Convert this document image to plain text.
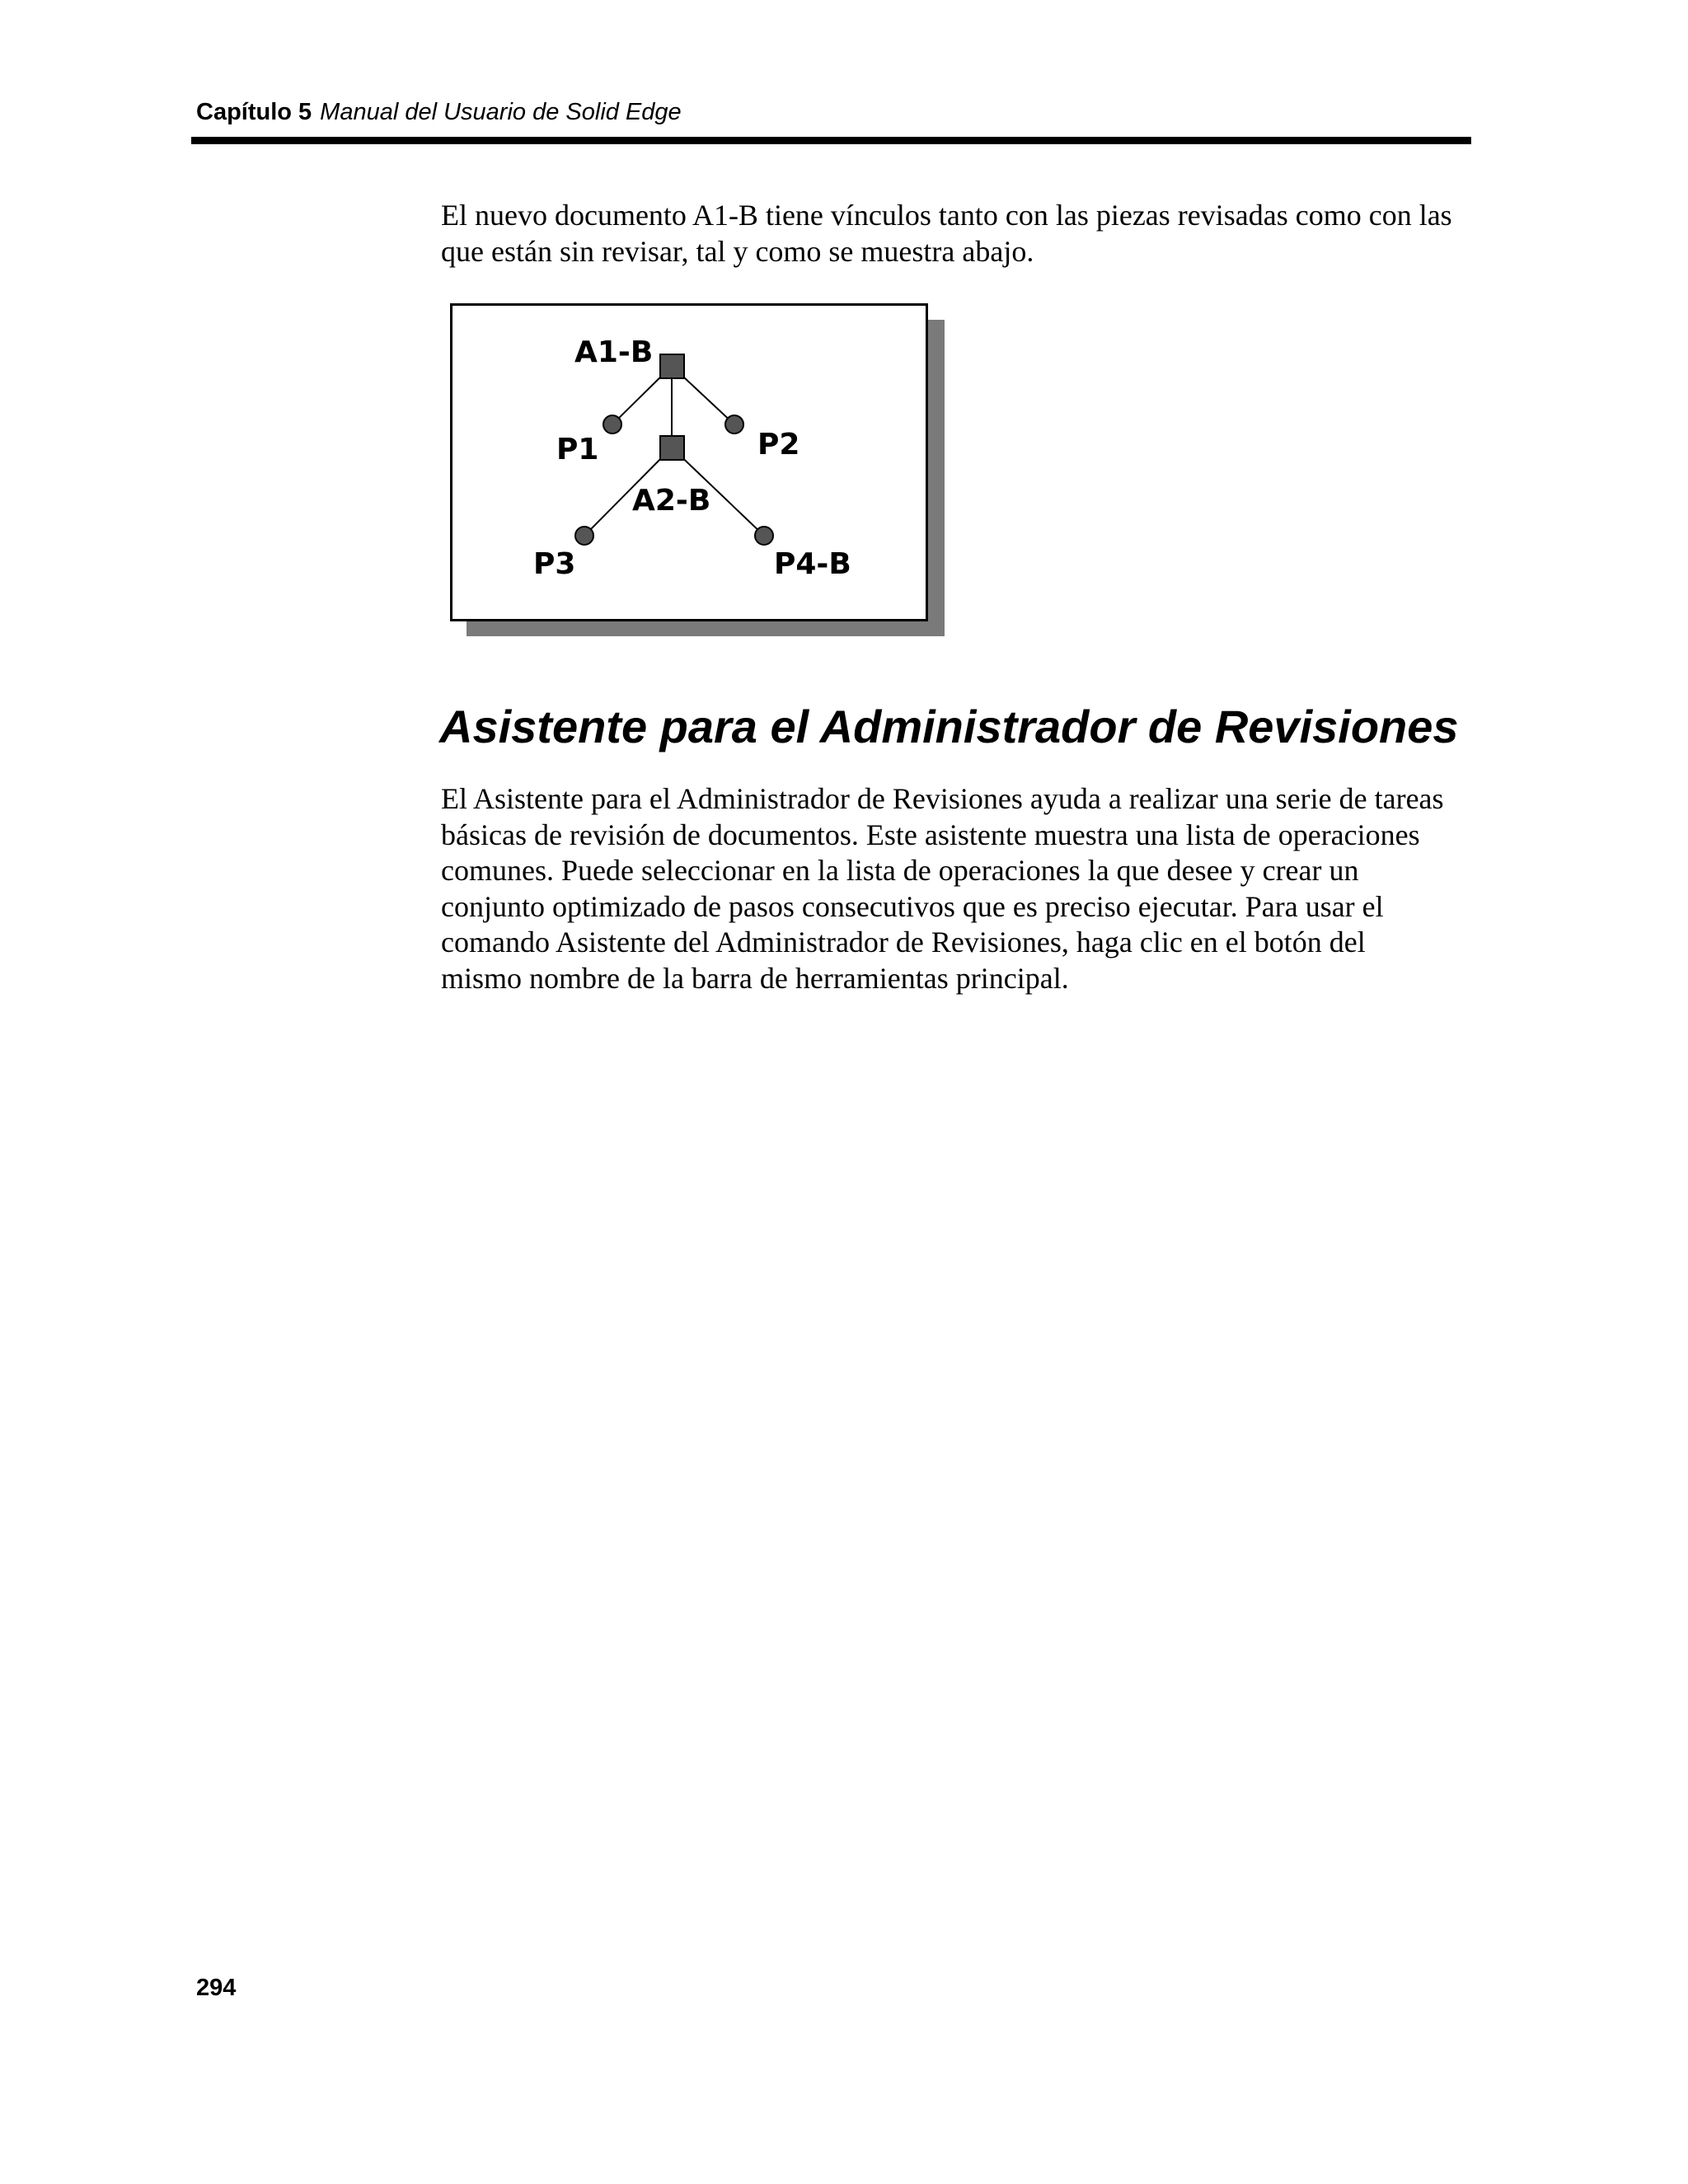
Capítulo 5 Manual del Usuario de Solid Edge

El nuevo documento A1-B tiene vínculos tanto con las piezas revisadas como con las
que están sin revisar, tal y como se muestra abajo.

A1-B
P1	P2
A2-B
P3	P4-B
Asistente para el Administrador de Revisiones

El Asistente para el Administrador de Revisiones ayuda a realizar una serie de tareas
básicas de revisión de documentos. Este asistente muestra una lista de operaciones
comunes. Puede seleccionar en la lista de operaciones la que desee y crear un
conjunto optimizado de pasos consecutivos que es preciso ejecutar. Para usar el
comando Asistente del Administrador de Revisiones, haga clic en el botón del
mismo nombre de la barra de herramientas principal.

294
